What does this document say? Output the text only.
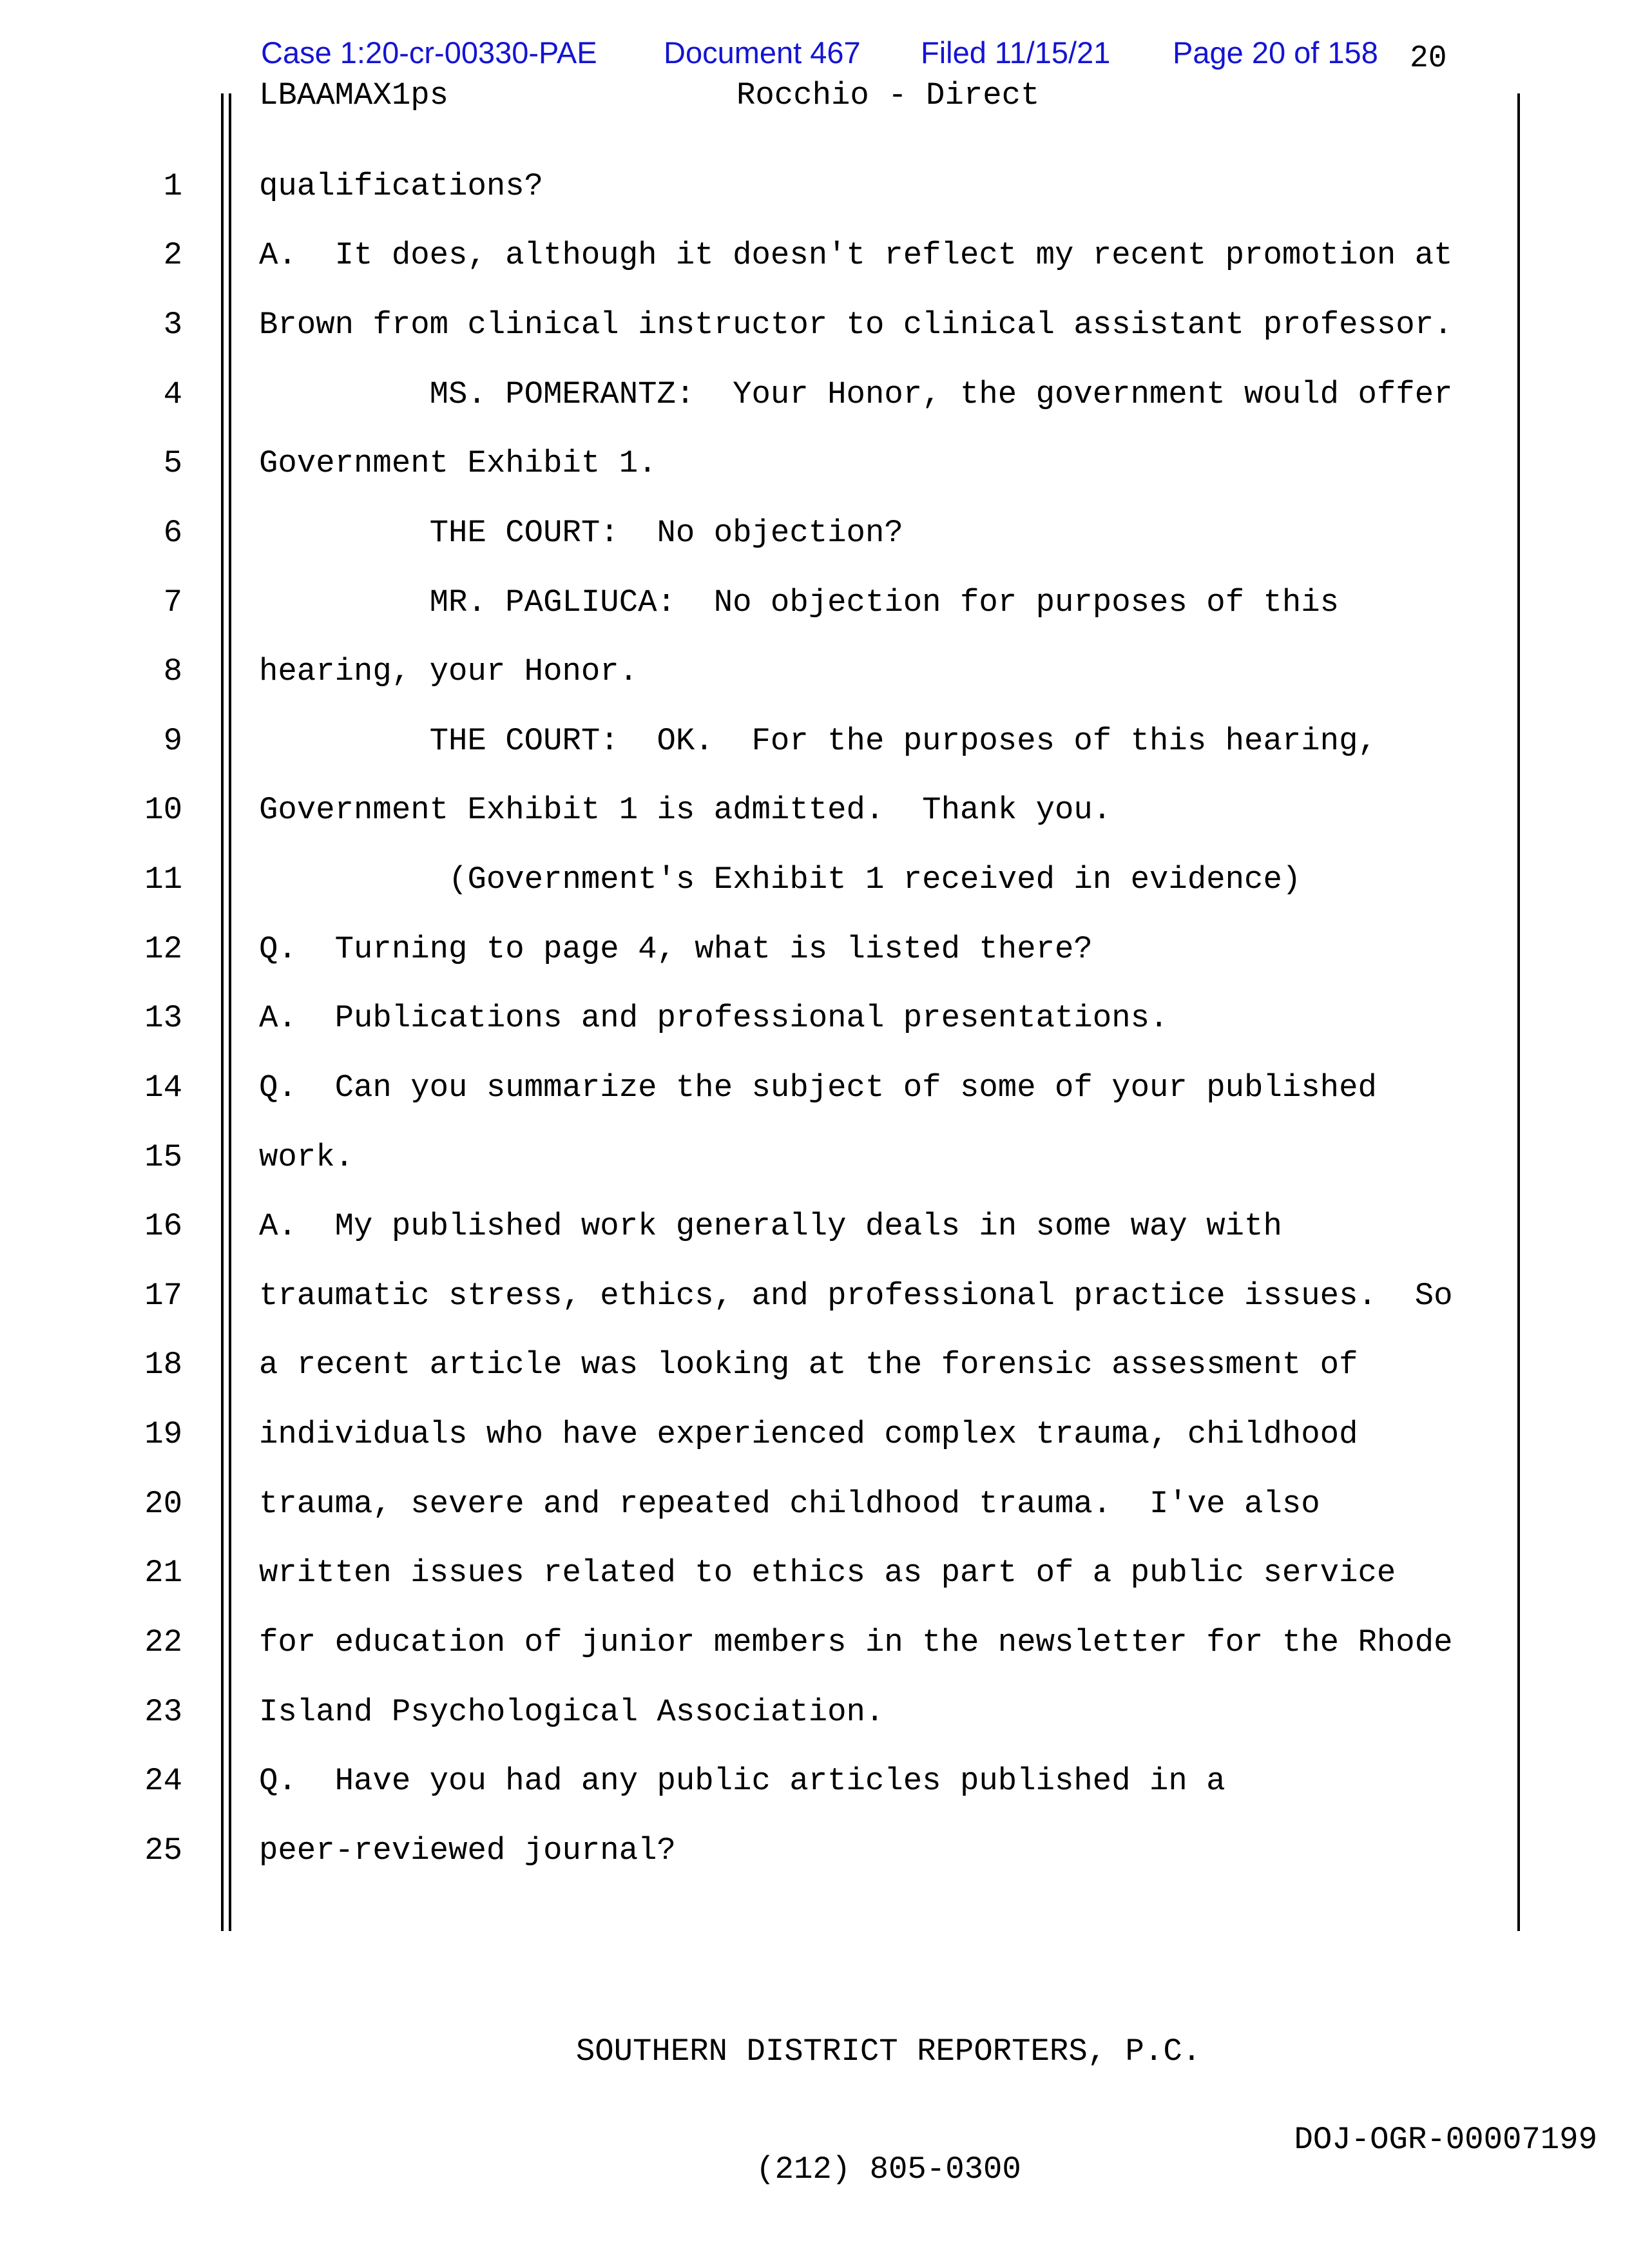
Case 1:20-cr-00330-PAE Document 467 Filed 11/15/21 Page 20 of 158 20
LBAAMAX1ps	Rocchio - Direct
1 qualifications?
2 A.  It does, although it doesn't reflect my recent promotion at
3 Brown from clinical instructor to clinical assistant professor.
4 MS. POMERANTZ:  Your Honor, the government would offer
5 Government Exhibit 1.
6 THE COURT:  No objection?
7 MR. PAGLIUCA:  No objection for purposes of this
8 hearing, your Honor.
9 THE COURT:  OK.  For the purposes of this hearing,
10 Government Exhibit 1 is admitted.  Thank you.
11 (Government's Exhibit 1 received in evidence)
12 Q.  Turning to page 4, what is listed there?
13 A.  Publications and professional presentations.
14 Q.  Can you summarize the subject of some of your published
15 work.
16 A.  My published work generally deals in some way with
17 traumatic stress, ethics, and professional practice issues.  So
18 a recent article was looking at the forensic assessment of
19 individuals who have experienced complex trauma, childhood
20 trauma, severe and repeated childhood trauma.  I've also
21 written issues related to ethics as part of a public service
22 for education of junior members in the newsletter for the Rhode
23 Island Psychological Association.
24 Q.  Have you had any public articles published in a
25 peer-reviewed journal?

SOUTHERN DISTRICT REPORTERS, P.C.

(212) 805-0300

DOJ-OGR-00007199
